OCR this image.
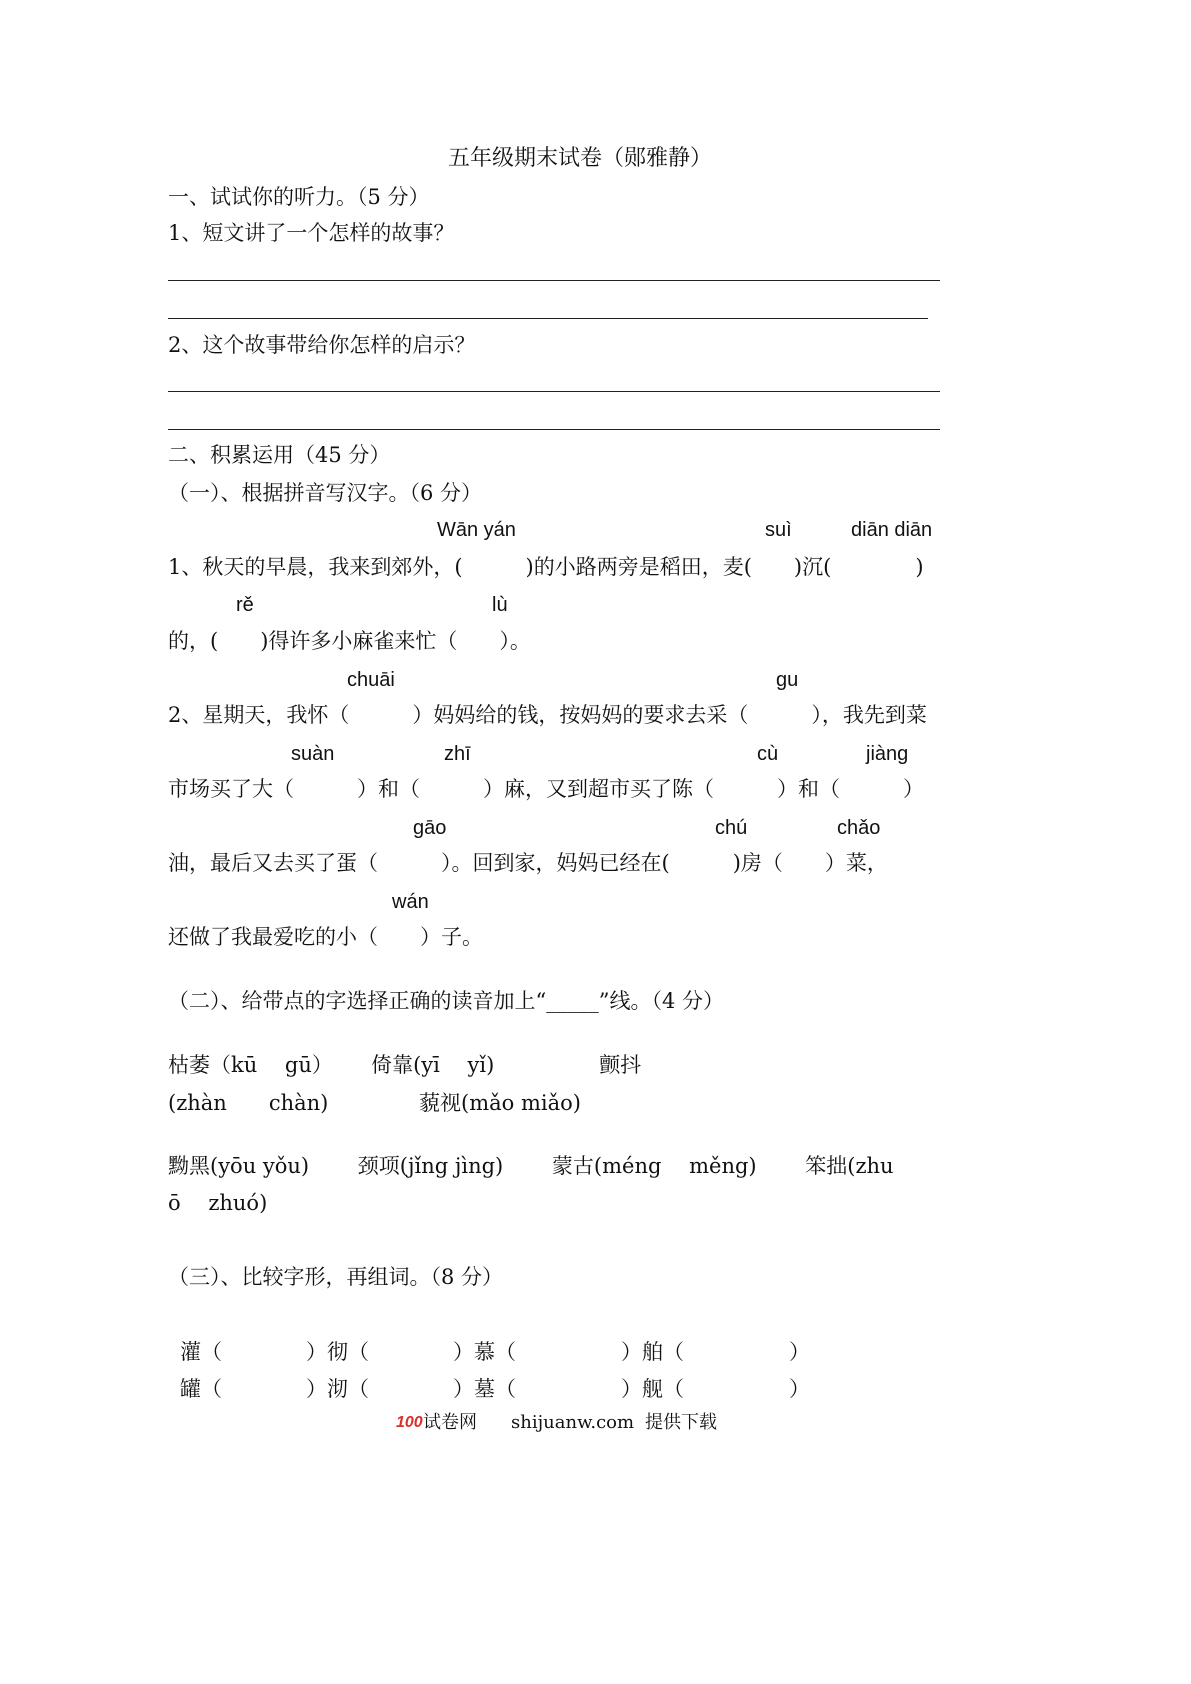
五年级期末试卷（郧雅静）
一、试试你的听力。（5 分）
1、短文讲了一个怎样的故事？
2、这个故事带给你怎样的启示？
二、积累运用（45 分）
（一）、根据拼音写汉字。（6 分）
Wān yán	suì	diān diān
1、秋天的早晨，我来到郊外，(　　　)的小路两旁是稻田，麦(　　)沉(　　　　)
rě	lù
的，(　　)得许多小麻雀来忙（　　）。
chuāi	gu
2、星期天，我怀（　　　）妈妈给的钱，按妈妈的要求去采（　　　），我先到菜
suàn	zhī	cù	jiàng
市场买了大（　　　）和（　　　）麻，又到超市买了陈（　　　）和（　　　）
gāo	chú	chǎo
油，最后又去买了蛋（　　　）。回到家，妈妈已经在(　　　)房（　　）菜，
wán
还做了我最爱吃的小（　　）子。
（二）、给带点的字选择正确的读音加上“_____”线。（4 分）
枯萎（kū　 gū）　　 倚靠(yī　 yǐ)　　　　　颤抖
(zhàn　　chàn)　　　　 藐视(mǎo miǎo)
黝黑(yōu yǒu)　　 颈项(jǐng jìng)　　 蒙古(méng　 měng)　　 笨拙(zhu
ō　 zhuó)
（三）、比较字形，再组词。（8 分）
灌（　　　　）彻（　　　　）慕（　　　　　）舶（　　　　　）
罐（　　　　）沏（　　　　）墓（　　　　　）舰（　　　　　）
100 试卷网 shijuanw.com 提供下载
